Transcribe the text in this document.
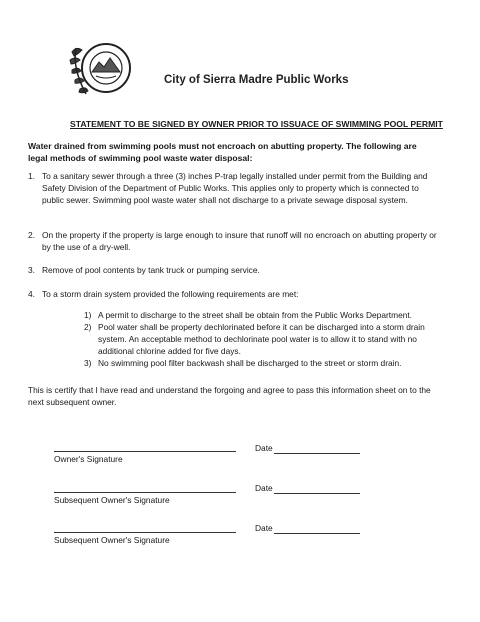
City of Sierra Madre Public Works
STATEMENT TO BE SIGNED BY OWNER PRIOR TO ISSUACE OF SWIMMING POOL PERMIT
Water drained from swimming pools must not encroach on abutting property. The following are legal methods of swimming pool waste water disposal:
1. To a sanitary sewer through a three (3) inches P-trap legally installed under permit from the Building and Safety Division of the Department of Public Works. This applies only to property which is connected to public sewer. Swimming pool waste water shall not discharge to a private sewage disposal system.
2. On the property if the property is large enough to insure that runoff will no encroach on abutting property or by the use of a dry-well.
3. Remove of pool contents by tank truck or pumping service.
4. To a storm drain system provided the following requirements are met:
1) A permit to discharge to the street shall be obtain from the Public Works Department.
2) Pool water shall be property dechlorinated before it can be discharged into a storm drain system. An acceptable method to dechlorinate pool water is to allow it to stand with no additional chlorine added for five days.
3) No swimming pool filter backwash shall be discharged to the street or storm drain.
This is certify that I have read and understand the forgoing and agree to pass this information sheet on to the next subsequent owner.
Owner's Signature
Date
Subsequent Owner's Signature
Date
Subsequent Owner's Signature
Date
